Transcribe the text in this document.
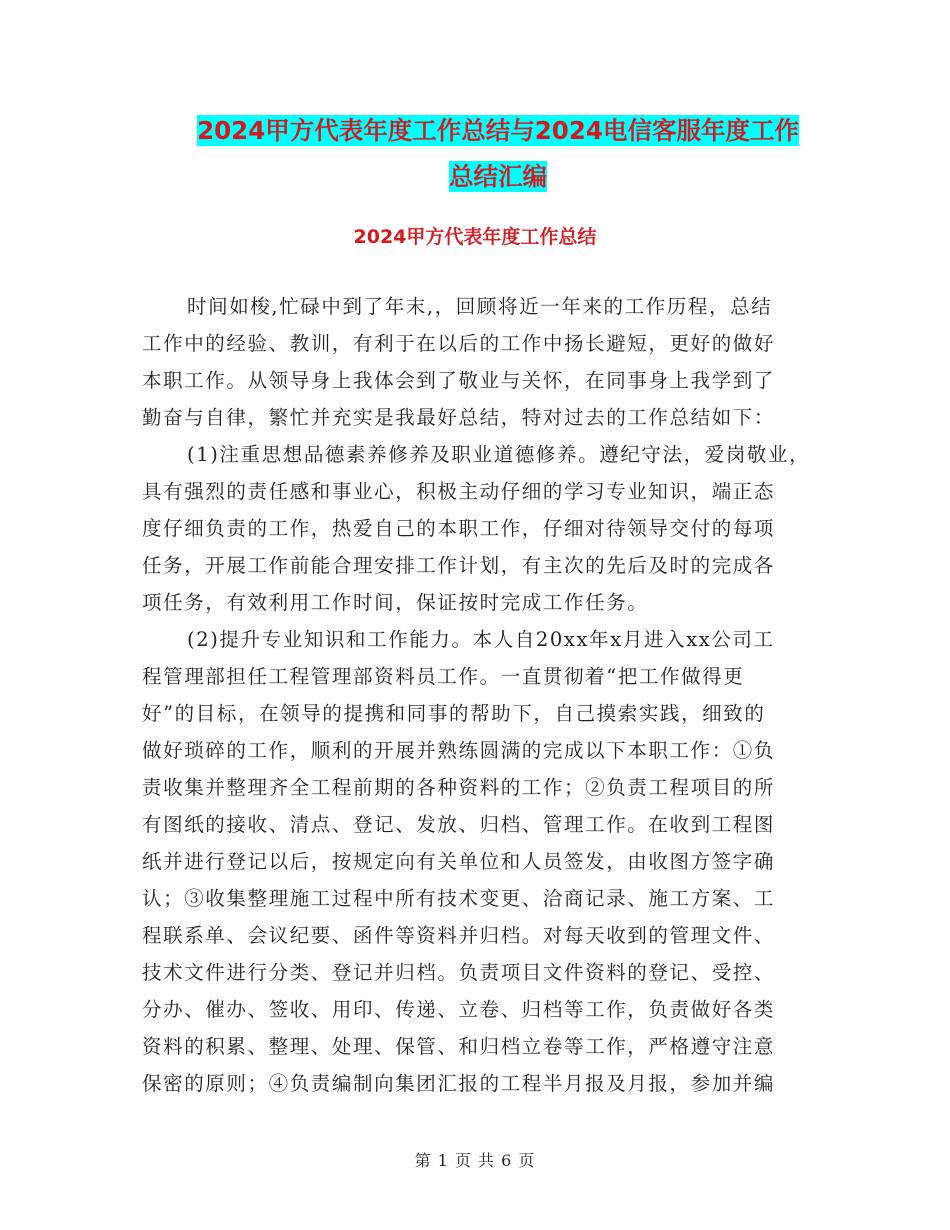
2024甲方代表年度工作总结与2024电信客服年度工作
总结汇编
2024甲方代表年度工作总结
时间如梭,忙碌中到了年末,，回顾将近一年来的工作历程，总结
工作中的经验、教训，有利于在以后的工作中扬长避短，更好的做好
本职工作。从领导身上我体会到了敬业与关怀，在同事身上我学到了
勤奋与自律，繁忙并充实是我最好总结，特对过去的工作总结如下：
(1)注重思想品德素养修养及职业道德修养。遵纪守法，爱岗敬业，
具有强烈的责任感和事业心，积极主动仔细的学习专业知识，端正态
度仔细负责的工作，热爱自己的本职工作，仔细对待领导交付的每项
任务，开展工作前能合理安排工作计划，有主次的先后及时的完成各
项任务，有效利用工作时间，保证按时完成工作任务。
(2)提升专业知识和工作能力。本人自20xx年x月进入xx公司工
程管理部担任工程管理部资料员工作。一直贯彻着“把工作做得更
好”的目标，在领导的提携和同事的帮助下，自己摸索实践，细致的
做好琐碎的工作，顺利的开展并熟练圆满的完成以下本职工作：①负
责收集并整理齐全工程前期的各种资料的工作；②负责工程项目的所
有图纸的接收、清点、登记、发放、归档、管理工作。在收到工程图
纸并进行登记以后，按规定向有关单位和人员签发，由收图方签字确
认；③收集整理施工过程中所有技术变更、洽商记录、施工方案、工
程联系单、会议纪要、函件等资料并归档。对每天收到的管理文件、
技术文件进行分类、登记并归档。负责项目文件资料的登记、受控、
分办、催办、签收、用印、传递、立卷、归档等工作，负责做好各类
资料的积累、整理、处理、保管、和归档立卷等工作，严格遵守注意
保密的原则；④负责编制向集团汇报的工程半月报及月报，参加并编
第 1 页 共 6 页
